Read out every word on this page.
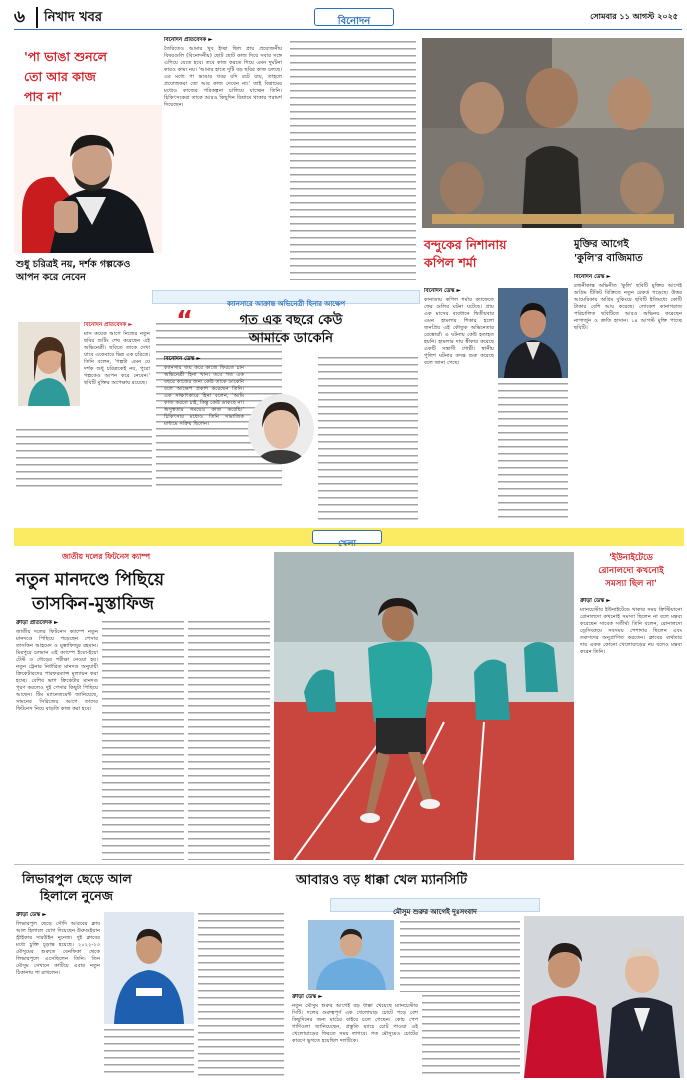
৬ নিখাদ খবর	বিনোদন	সোমবার ১১ আগস্ট ২০২৫
'পা ভাঙা শুনলে
তো আর কাজ
পাব না'
বিনোদন প্রতিবেদক ►
তৈরিতেও আমার খুব ইচ্ছা ছিল প্রায় প্রয়োজনীয় বিষয়গুলি (বিনোদনীয়) ছোট ছোট কাজ দিয়ে সবার সঙ্গে এগিয়ে যেতে হবে। তবে কাজ করতে গিয়ে এমন দুর্ঘটনা কারও কাম্য নয়। 'আমার হাতে দুটি বড় ছবির কাজ চলছে। এর মধ্যে পা ভাঙার খবর যদি রটে যায়, তাহলে প্রযোজকরা তো আর কাজ দেবেন না।' তাই বিশ্রামের মধ্যেও কাজের পরিকল্পনা চালিয়ে যাচ্ছেন তিনি। চিকিৎসকেরা তাকে আরও কিছুদিন বিশ্রামে থাকার পরামর্শ দিয়েছেন।
শুধু চরিত্রই নয়, দর্শক গল্পকেও
আপন করে নেবেন
বিনোদন প্রতিবেদক ►
মাস কয়েক আগে নিজের নতুন ছবির শুটিং শেষ করেছেন এই অভিনেত্রী। ছবিতে তাকে দেখা যাবে একেবারে ভিন্ন এক চরিত্রে। তিনি বলেন, 'গল্পটা এমন যে দর্শক শুধু চরিত্রকেই নয়, পুরো গল্পকেও আপন করে নেবেন।' ছবিটি মুক্তির অপেক্ষায় রয়েছে।
ক্যানসারে আক্রান্ত অভিনেত্রী হিনার আক্ষেপ
“	গত এক বছরে কেউ
আমাকে ডাকেনি
বিনোদন ডেস্ক ►
ক্যানসার জয় করে কাজে ফিরতে চান অভিনেত্রী হিনা খান। তবে গত এক বছরে কাজের জন্য কেউ তাকে ডাকেনি বলে আক্ষেপ প্রকাশ করেছেন তিনি। এক সাক্ষাৎকারে হিনা বলেন, 'আমি কাজ করতে চাই, কিন্তু কেউ ডাকছে না। অসুস্থতার সময়েও কাজ করেছি।' চিকিৎসার মধ্যেও তিনি সামাজিক মাধ্যমে সক্রিয় ছিলেন।
বন্দুকের নিশানায়
কপিল শর্মা
বিনোদন ডেস্ক ►
কানাডায় কপিল শর্মার ক্যাফেতে ফের গুলির ঘটনা ঘটেছে। প্রায় এক মাসের ব্যবধানে দ্বিতীয়বার এমন হামলার শিকার হলো জনপ্রিয় এই কৌতুক অভিনেতার রেস্তোরাঁ। এ ঘটনায় কেউ হতাহত হয়নি। হামলার দায় স্বীকার করেছে একটি সন্ত্রাসী গোষ্ঠী। স্থানীয় পুলিশ ঘটনার তদন্ত শুরু করেছে বলে জানা গেছে।
মুক্তির আগেই
'কুলি'র বাজিমাত
বিনোদন ডেস্ক ►
রজনীকান্ত অভিনীত 'কুলি' ছবিটি মুক্তির আগেই অগ্রিম টিকিট বিক্রিতে নতুন রেকর্ড গড়েছে। উত্তর আমেরিকায় অগ্রিম বুকিংয়ে ছবিটি ইতিমধ্যে কোটি টাকার বেশি আয় করেছে। লোকেশ কানাগরাজ পরিচালিত ছবিটিতে আরও অভিনয় করেছেন নাগার্জুন ও শ্রুতি হাসান। ১৪ আগস্ট মুক্তি পাচ্ছে ছবিটি।
খেলা
জাতীয় দলের ফিটনেস ক্যাম্প
নতুন মানদণ্ডে পিছিয়ে
তাসকিন-মুস্তাফিজ
ক্রীড়া প্রতিবেদক ►
জাতীয় দলের ফিটনেস ক্যাম্পে নতুন মানদণ্ডে পিছিয়ে পড়েছেন পেসার তাসকিন আহমেদ ও মুস্তাফিজুর রহমান। মিরপুরে চলমান এই ক্যাম্পে ইয়ো-ইয়ো টেস্ট ও দৌড়ের পরীক্ষা নেওয়া হয়। নতুন ট্রেনার নির্ধারিত মানদণ্ড অনুযায়ী ক্রিকেটারদের পারফরম্যান্স মূল্যায়ন করা হচ্ছে। বেশির ভাগ ক্রিকেটার মানদণ্ড পূরণ করলেও দুই পেসার কিছুটা পিছিয়ে আছেন। টিম ম্যানেজমেন্ট জানিয়েছে, সামনের সিরিজের আগে তাদের ফিটনেস নিয়ে বাড়তি কাজ করা হবে।
'ইউনাইটেডে
রোনালদো কখনোই
সমস্যা ছিল না'
ক্রীড়া ডেস্ক ►
ম্যানচেস্টার ইউনাইটেডে থাকার সময় ক্রিস্টিয়ানো রোনালদো কখনোই সমস্যা ছিলেন না বলে মন্তব্য করেছেন সাবেক সতীর্থ। তিনি বলেন, রোনালদো ড্রেসিংরুমে সবসময় পেশাদার ছিলেন এবং তরুণদের অনুপ্রাণিত করতেন। ক্লাবের ব্যর্থতার দায় একক কোনো খেলোয়াড়ের নয় বলেও মন্তব্য করেন তিনি।
লিভারপুল ছেড়ে আল
হিলালে নুনেজ
ক্রীড়া ডেস্ক ►
লিভারপুল ছেড়ে সৌদি আরবের ক্লাব আল হিলালে যোগ দিয়েছেন উরুগুইয়ান স্ট্রাইকার দারউইন নুনেজ। দুই ক্লাবের মধ্যে চুক্তি চূড়ান্ত হয়েছে। ২০২২-২৩ মৌসুমের শুরুতে বেনফিকা থেকে লিভারপুলে এসেছিলেন তিনি। তিন মৌসুম সেখানে কাটিয়ে এবার নতুন ঠিকানায় পা রাখলেন।
আবারও বড় ধাক্কা খেল ম্যানসিটি
মৌসুম শুরুর আগেই দুঃসংবাদ
ক্রীড়া ডেস্ক ►
নতুন মৌসুম শুরুর আগেই বড় ধাক্কা খেয়েছে ম্যানচেস্টার সিটি। দলের গুরুত্বপূর্ণ এক খেলোয়াড় চোটে পড়ে বেশ কিছুদিনের জন্য মাঠের বাইরে চলে গেছেন। কোচ পেপ গার্দিওলা জানিয়েছেন, প্রস্তুতি ম্যাচে চোট পাওয়া ওই খেলোয়াড়ের ফিরতে সময় লাগবে। গত মৌসুমেও চোটের কারণে ভুগতে হয়েছিল দলটিকে।
